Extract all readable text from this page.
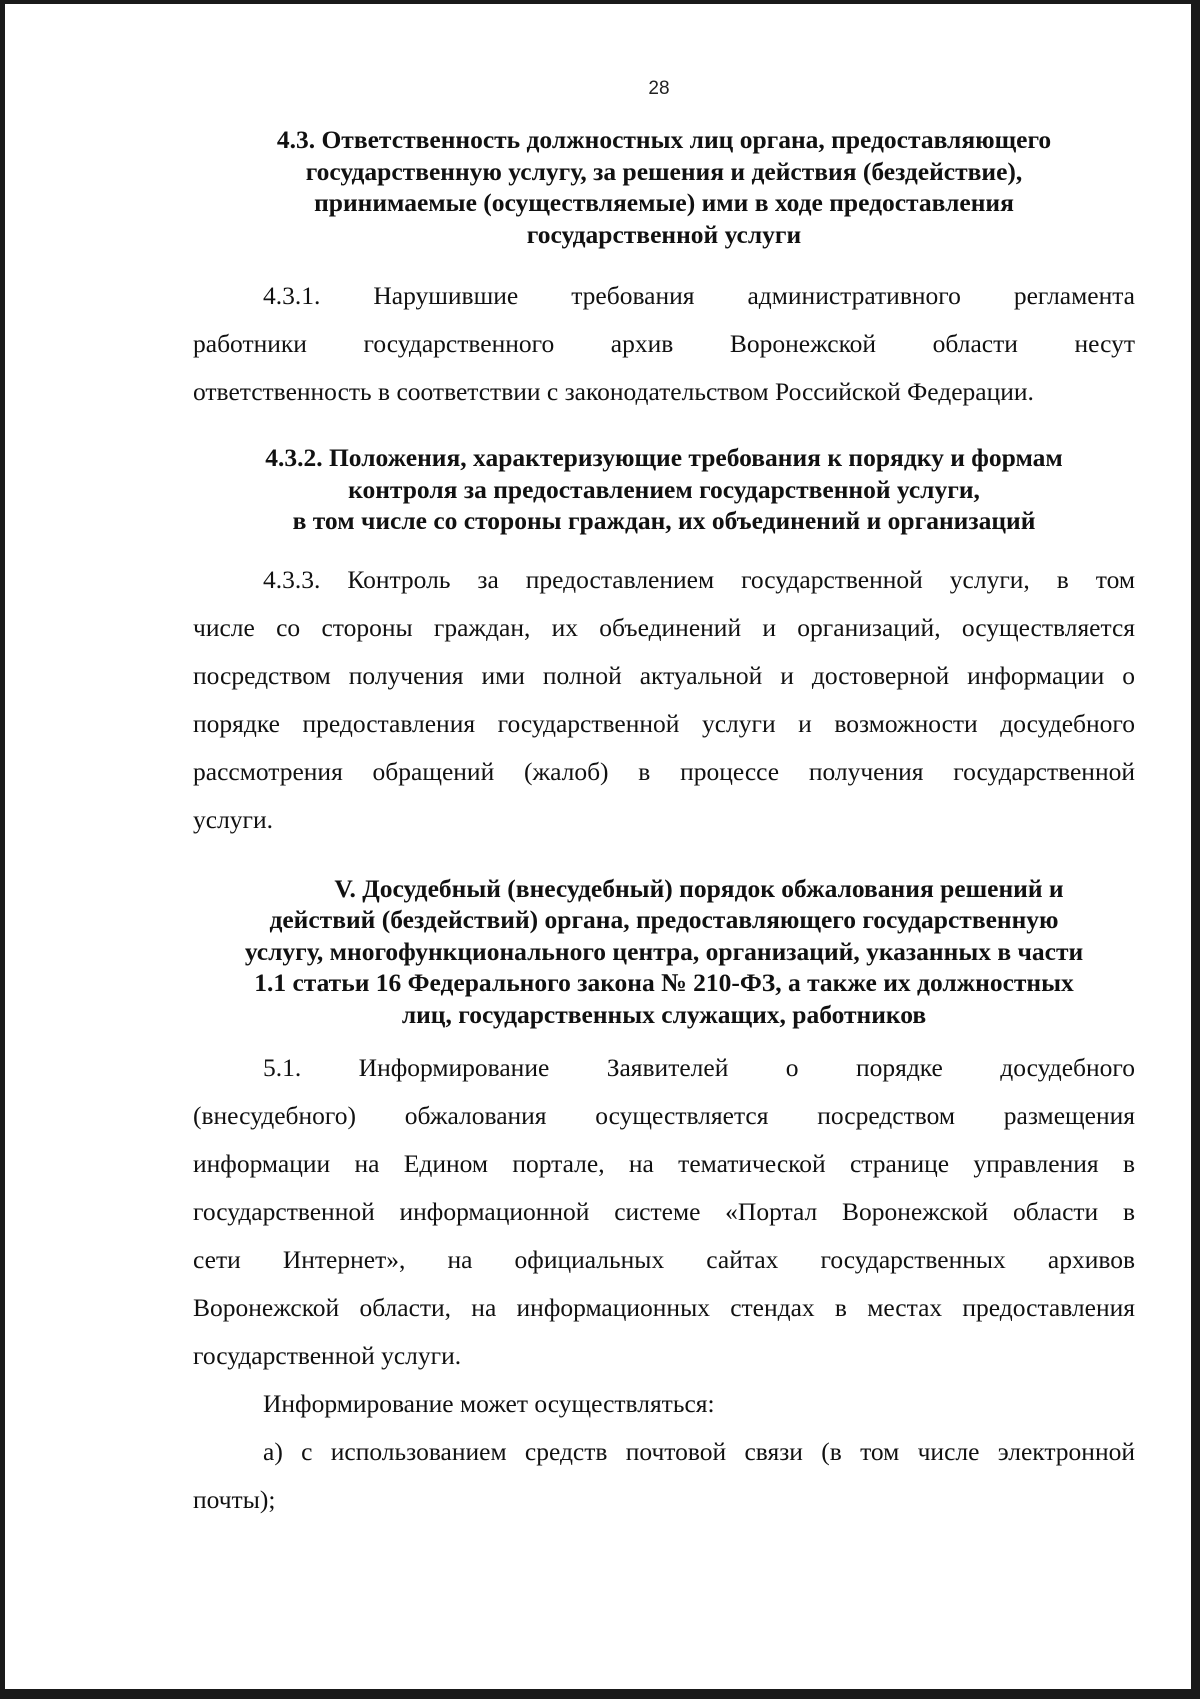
28
4.3. Ответственность должностных лиц органа, предоставляющего
государственную услугу, за решения и действия (бездействие),
принимаемые (осуществляемые) ими в ходе предоставления
государственной услуги

4.3.1. Нарушившие требования административного регламента
работники государственного архив Воронежской области несут
ответственность в соответствии с законодательством Российской Федерации.

4.3.2. Положения, характеризующие требования к порядку и формам
контроля за предоставлением государственной услуги,
в том числе со стороны граждан, их объединений и организаций

4.3.3. Контроль за предоставлением государственной услуги, в том
числе со стороны граждан, их объединений и организаций, осуществляется
посредством получения ими полной актуальной и достоверной информации о
порядке предоставления государственной услуги и возможности досудебного
рассмотрения обращений (жалоб) в процессе получения государственной
услуги.

V. Досудебный (внесудебный) порядок обжалования решений и
действий (бездействий) органа, предоставляющего государственную
услугу, многофункционального центра, организаций, указанных в части
1.1 статьи 16 Федерального закона № 210-ФЗ, а также их должностных
лиц, государственных служащих, работников

5.1. Информирование Заявителей о порядке досудебного
(внесудебного) обжалования осуществляется посредством размещения
информации на Едином портале, на тематической странице управления в
государственной информационной системе «Портал Воронежской области в
сети Интернет», на официальных сайтах государственных архивов
Воронежской области, на информационных стендах в местах предоставления
государственной услуги.

Информирование может осуществляться:

а) с использованием средств почтовой связи (в том числе электронной
почты);
